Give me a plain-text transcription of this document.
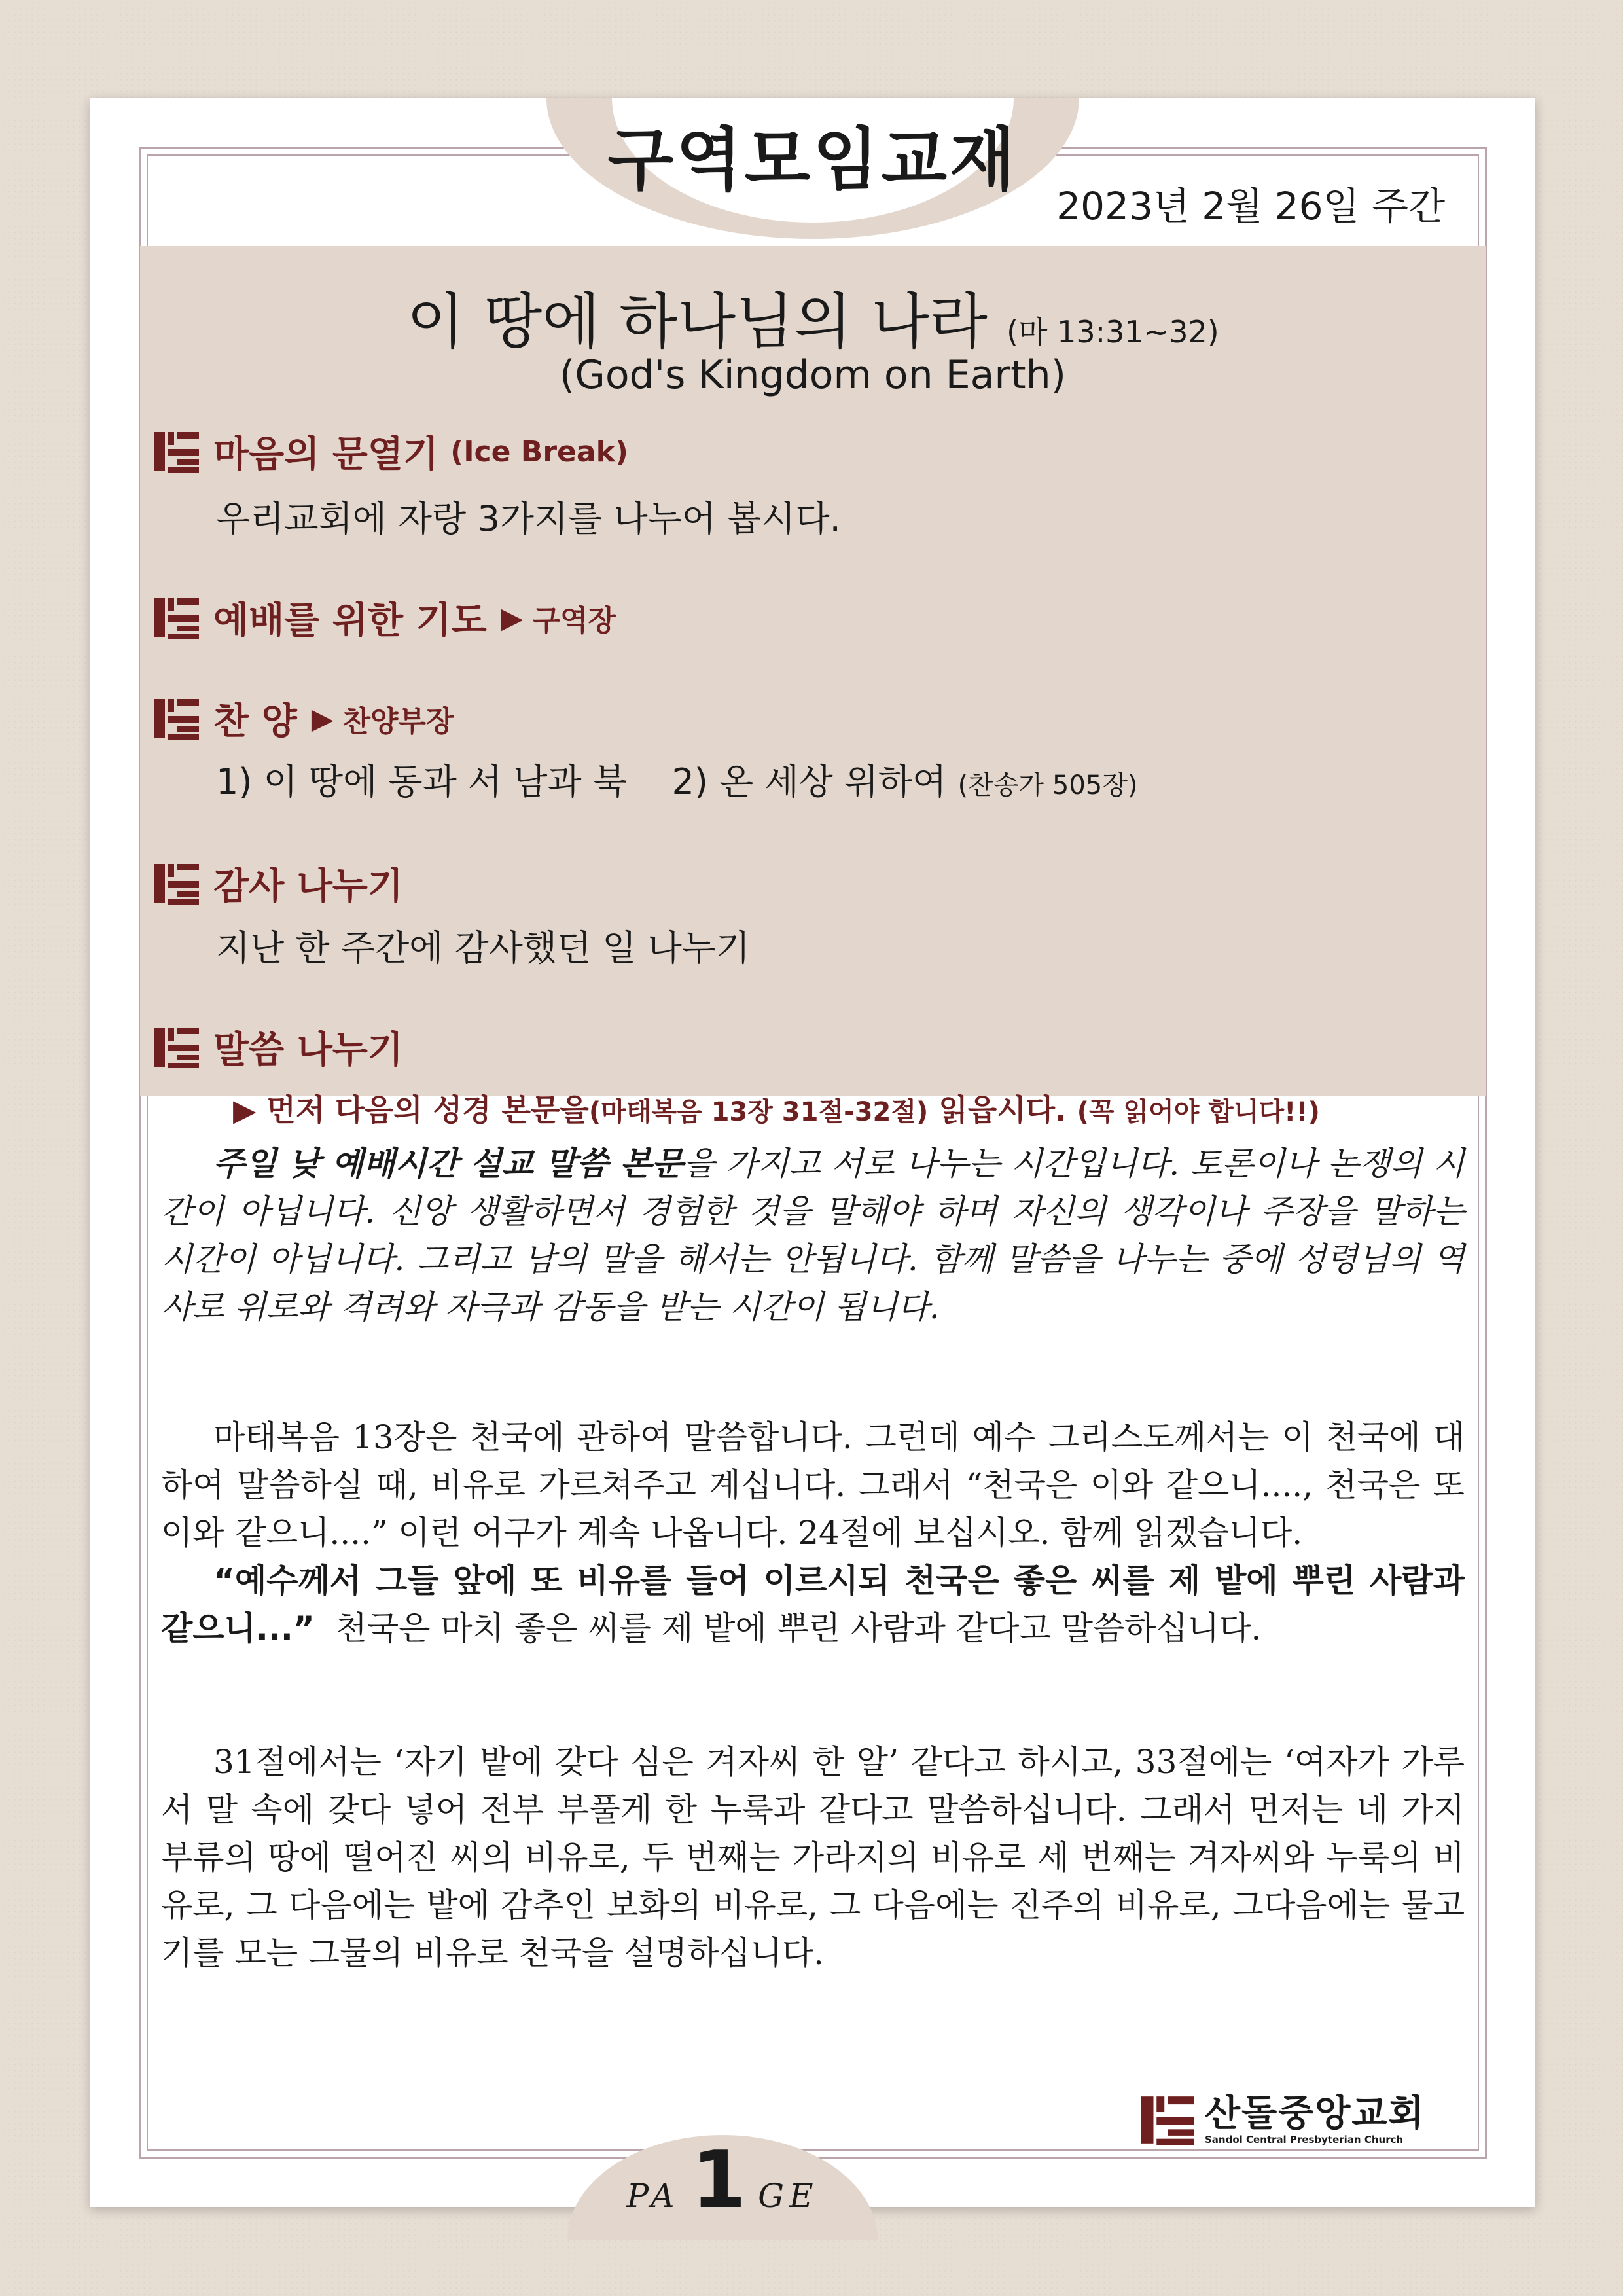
구역모임교재
2023년 2월 26일 주간
이 땅에 하나님의 나라 (마 13:31~32)
(God's Kingdom on Earth)
마음의 문열기 (Ice Break)
우리교회에 자랑 3가지를 나누어 봅시다.
예배를 위한 기도 ▶ 구역장
찬 양 ▶ 찬양부장
1) 이 땅에 동과 서 남과 북    2) 온 세상 위하여 (찬송가 505장)
감사 나누기
지난 한 주간에 감사했던 일 나누기
말씀 나누기
▶ 먼저 다음의 성경 본문을(마태복음 13장 31절-32절) 읽읍시다. (꼭 읽어야 합니다!!)

주일 낮 예배시간 설교 말씀 본문을 가지고 서로 나누는 시간입니다. 토론이나 논쟁의 시간이 아닙니다. 신앙 생활하면서 경험한 것을 말해야 하며 자신의 생각이나 주장을 말하는 시간이 아닙니다. 그리고 남의 말을 해서는 안됩니다. 함께 말씀을 나누는 중에 성령님의 역사로 위로와 격려와 자극과 감동을 받는 시간이 됩니다.

마태복음 13장은 천국에 관하여 말씀합니다. 그런데 예수 그리스도께서는 이 천국에 대하여 말씀하실 때, 비유로 가르쳐주고 계십니다. 그래서 “천국은 이와 같으니...., 천국은 또 이와 같으니....” 이런 어구가 계속 나옵니다. 24절에 보십시오. 함께 읽겠습니다.
“예수께서 그들 앞에 또 비유를 들어 이르시되 천국은 좋은 씨를 제 밭에 뿌린 사람과 같으니...” 천국은 마치 좋은 씨를 제 밭에 뿌린 사람과 같다고 말씀하십니다.

31절에서는 ‘자기 밭에 갖다 심은 겨자씨 한 알’ 같다고 하시고, 33절에는 ‘여자가 가루 서 말 속에 갖다 넣어 전부 부풀게 한 누룩과 같다고 말씀하십니다. 그래서 먼저는 네 가지 부류의 땅에 떨어진 씨의 비유로, 두 번째는 가라지의 비유로 세 번째는 겨자씨와 누룩의 비유로, 그 다음에는 밭에 감추인 보화의 비유로, 그 다음에는 진주의 비유로, 그다음에는 물고기를 모는 그물의 비유로 천국을 설명하십니다.

산돌중앙교회
Sandol Central Presbyterian Church
PA 1 GE
